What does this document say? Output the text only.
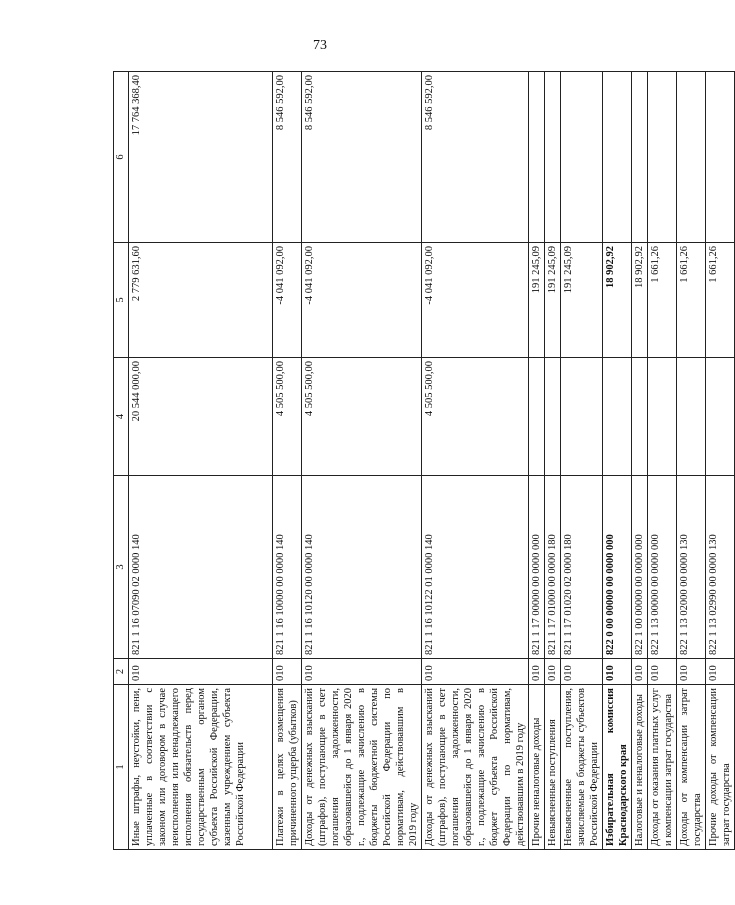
73
1	2	3	4	5	6
Иные штрафы, неустойки, пени, уплаченные в соответствии с законом или договором в случае неисполнения или ненадлежащего исполнения обязательств перед государственным органом субъекта Российской Федерации, казенным учреждением субъекта Российской Федерации	010	821 1 16 07090 02 0000 140	20 544 000,00	2 779 631,60	17 764 368,40
Платежи в целях возмещения причиненного ущерба (убытков)	010	821 1 16 10000 00 0000 140	4 505 500,00	-4 041 092,00	8 546 592,00
Доходы от денежных взысканий (штрафов), поступающие в счет погашения задолженности, образовавшейся до 1 января 2020 г., подлежащие зачислению в бюджеты бюджетной системы Российской Федерации по нормативам, действовавшим в 2019 году	010	821 1 16 10120 00 0000 140	4 505 500,00	-4 041 092,00	8 546 592,00
Доходы от денежных взысканий (штрафов), поступающие в счет погашения задолженности, образовавшейся до 1 января 2020 г., подлежащие зачислению в бюджет субъекта Российской Федерации по нормативам, действовавшим в 2019 году	010	821 1 16 10122 01 0000 140	4 505 500,00	-4 041 092,00	8 546 592,00
Прочие неналоговые доходы	010	821 1 17 00000 00 0000 000		191 245,09	
Невыясненные поступления	010	821 1 17 01000 00 0000 180		191 245,09	
Невыясненные поступления, зачисляемые в бюджеты субъектов Российской Федерации	010	821 1 17 01020 02 0000 180		191 245,09	
Избирательная комиссия Краснодарского края	010	822 0 00 00000 00 0000 000		18 902,92	
Налоговые и неналоговые доходы	010	822 1 00 00000 00 0000 000		18 902,92	
Доходы от оказания платных услуг и компенсации затрат государства	010	822 1 13 00000 00 0000 000		1 661,26	
Доходы от компенсации затрат государства	010	822 1 13 02000 00 0000 130		1 661,26	
Прочие доходы от компенсации затрат государства	010	822 1 13 02990 00 0000 130		1 661,26	
